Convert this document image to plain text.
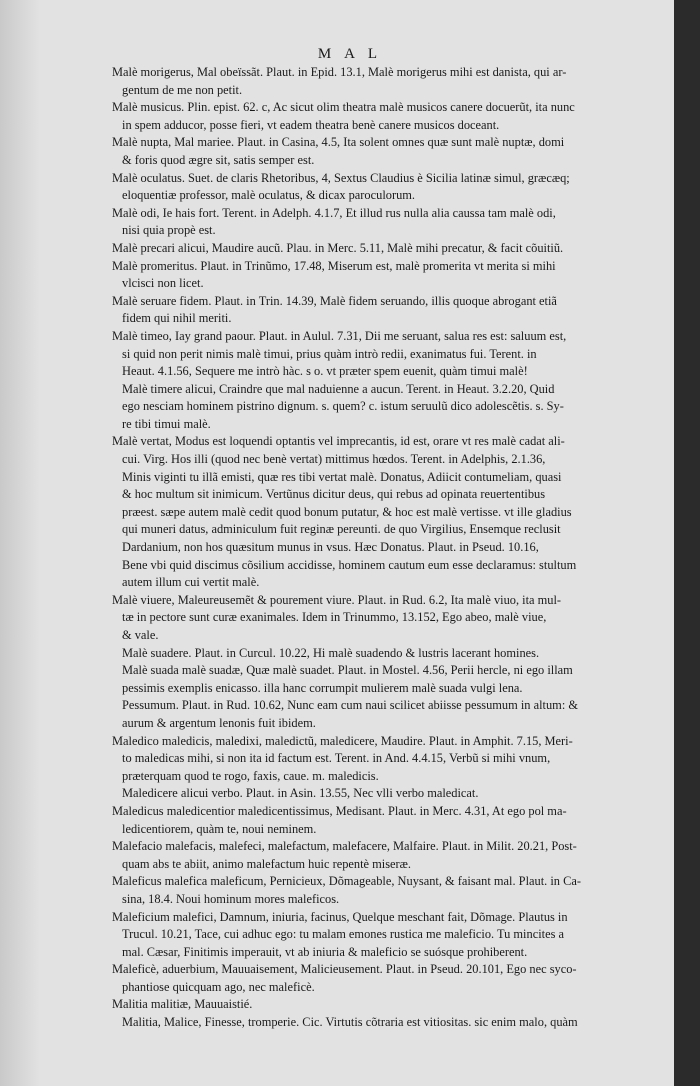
M A L
Malè morigerus, Mal obeïssãt. Plaut. in Epid. 13.1, Malè morigerus mihi est danista, qui ar-
gentum de me non petit.
Malè musicus. Plin. epist. 62. c, Ac sicut olim theatra malè musicos canere docuerũt, ita nunc
in spem adducor, posse fieri, vt eadem theatra benè canere musicos doceant.
Malè nupta, Mal mariee. Plaut. in Casina, 4.5, Ita solent omnes quæ sunt malè nuptæ, domi
& foris quod ægre sit, satis semper est.
Malè oculatus. Suet. de claris Rhetoribus, 4, Sextus Claudius è Sicilia latinæ simul, græcæq;
eloquentiæ professor, malè oculatus, & dicax paroculorum.
Malè odi, Ie hais fort. Terent. in Adelph. 4.1.7, Et illud rus nulla alia caussa tam malè odi,
nisi quia propè est.
Malè precari alicui, Maudire aucũ. Plau. in Merc. 5.11, Malè mihi precatur, & facit cõuitiũ.
Malè promeritus. Plaut. in Trinũmo, 17.48, Miserum est, malè promerita vt merita si mihi
vlcisci non licet.
Malè seruare fidem. Plaut. in Trin. 14.39, Malè fidem seruando, illis quoque abrogant etiã
fidem qui nihil meriti.
Malè timeo, Iay grand paour. Plaut. in Aulul. 7.31, Dii me seruant, salua res est: saluum est,
si quid non perit nimis malè timui, prius quàm intrò redii, exanimatus fui. Terent. in
Heaut. 4.1.56, Sequere me intrò hàc. s o. vt præter spem euenit, quàm timui malè!
Malè timere alicui, Craindre que mal naduienne a aucun. Terent. in Heaut. 3.2.20, Quid
ego nesciam hominem pistrino dignum. s. quem? c. istum seruulũ dico adolescẽtis. s. Sy-
re tibi timui malè.
Malè vertat, Modus est loquendi optantis vel imprecantis, id est, orare vt res malè cadat ali-
cui. Virg. Hos illi (quod nec benè vertat) mittimus hœdos. Terent. in Adelphis, 2.1.36,
Minis viginti tu illã emisti, quæ res tibi vertat malè. Donatus, Adiicit contumeliam, quasi
& hoc multum sit inimicum. Vertũnus dicitur deus, qui rebus ad opinata reuertentibus
præest. sæpe autem malè cedit quod bonum putatur, & hoc est malè vertisse. vt ille gladius
qui muneri datus, adminiculum fuit reginæ pereunti. de quo Virgilius, Ensemque reclusit
Dardanium, non hos quæsitum munus in vsus. Hæc Donatus. Plaut. in Pseud. 10.16,
Bene vbi quid discimus cõsilium accidisse, hominem cautum eum esse declaramus: stultum
autem illum cui vertit malè.
Malè viuere, Maleureusemẽt & pourement viure. Plaut. in Rud. 6.2, Ita malè viuo, ita mul-
tæ in pectore sunt curæ exanimales. Idem in Trinummo, 13.152, Ego abeo, malè viue,
& vale.
Malè suadere. Plaut. in Curcul. 10.22, Hi malè suadendo & lustris lacerant homines.
Malè suada malè suadæ, Quæ malè suadet. Plaut. in Mostel. 4.56, Perii hercle, ni ego illam
pessimis exemplis enicasso. illa hanc corrumpit mulierem malè suada vulgi lena.
Pessumum. Plaut. in Rud. 10.62, Nunc eam cum naui scilicet abiisse pessumum in altum: &
aurum & argentum lenonis fuit ibidem.
Maledico maledicis, maledixi, maledictũ, maledicere, Maudire. Plaut. in Amphit. 7.15, Meri-
to maledicas mihi, si non ita id factum est. Terent. in And. 4.4.15, Verbũ si mihi vnum,
præterquam quod te rogo, faxis, caue. m. maledicis.
Maledicere alicui verbo. Plaut. in Asin. 13.55, Nec vlli verbo maledicat.
Maledicus maledicentior maledicentissimus, Medisant. Plaut. in Merc. 4.31, At ego pol ma-
ledicentiorem, quàm te, noui neminem.
Malefacio malefacis, malefeci, malefactum, malefacere, Malfaire. Plaut. in Milit. 20.21, Post-
quam abs te abiit, animo malefactum huic repentè miseræ.
Maleficus malefica maleficum, Pernicieux, Dõmageable, Nuysant, & faisant mal. Plaut. in Ca-
sina, 18.4. Noui hominum mores maleficos.
Maleficium malefici, Damnum, iniuria, facinus, Quelque meschant fait, Dõmage. Plautus in
Trucul. 10.21, Tace, cui adhuc ego: tu malam emones rustica me maleficio. Tu mincites a
mal. Cæsar, Finitimis imperauit, vt ab iniuria & maleficio se suósque prohiberent.
Maleficè, aduerbium, Mauuaisement, Malicieusement. Plaut. in Pseud. 20.101, Ego nec syco-
phantiose quicquam ago, nec maleficè.
Malitia malitiæ, Mauuaistié.
Malitia, Malice, Finesse, tromperie. Cic. Virtutis cõtraria est vitiositas. sic enim malo, quàm
